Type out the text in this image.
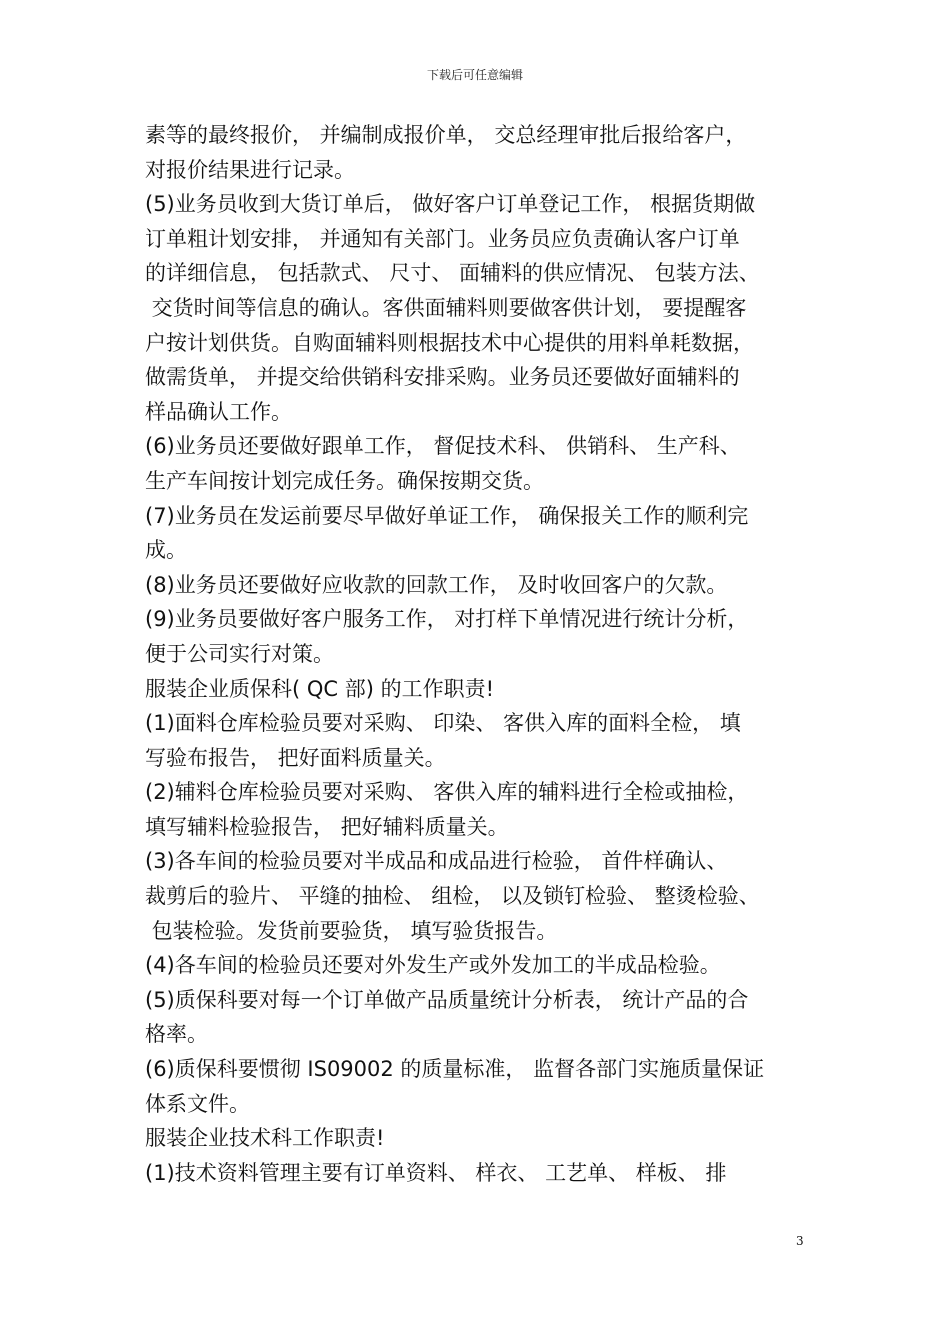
下载后可任意编辑
素等的最终报价， 并编制成报价单， 交总经理审批后报给客户，
对报价结果进行记录。
(5)业务员收到大货订单后， 做好客户订单登记工作， 根据货期做
订单粗计划安排， 并通知有关部门。业务员应负责确认客户订单
的详细信息， 包括款式、 尺寸、 面辅料的供应情况、 包装方法、
交货时间等信息的确认。客供面辅料则要做客供计划， 要提醒客
户按计划供货。自购面辅料则根据技术中心提供的用料单耗数据，
做需货单， 并提交给供销科安排采购。业务员还要做好面辅料的
样品确认工作。
(6)业务员还要做好跟单工作， 督促技术科、 供销科、 生产科、
生产车间按计划完成任务。确保按期交货。
(7)业务员在发运前要尽早做好单证工作， 确保报关工作的顺利完
成。
(8)业务员还要做好应收款的回款工作， 及时收回客户的欠款。
(9)业务员要做好客户服务工作， 对打样下单情况进行统计分析，
便于公司实行对策。
服装企业质保科( QC 部) 的工作职责!
(1)面料仓库检验员要对采购、 印染、 客供入库的面料全检， 填
写验布报告， 把好面料质量关。
(2)辅料仓库检验员要对采购、 客供入库的辅料进行全检或抽检，
填写辅料检验报告， 把好辅料质量关。
(3)各车间的检验员要对半成品和成品进行检验， 首件样确认、
裁剪后的验片、 平缝的抽检、 组检， 以及锁钉检验、 整烫检验、
包装检验。发货前要验货， 填写验货报告。
(4)各车间的检验员还要对外发生产或外发加工的半成品检验。
(5)质保科要对每一个订单做产品质量统计分析表， 统计产品的合
格率。
(6)质保科要惯彻 IS09002 的质量标准， 监督各部门实施质量保证
体系文件。
服装企业技术科工作职责!
(1)技术资料管理主要有订单资料、 样衣、 工艺单、 样板、 排
3
